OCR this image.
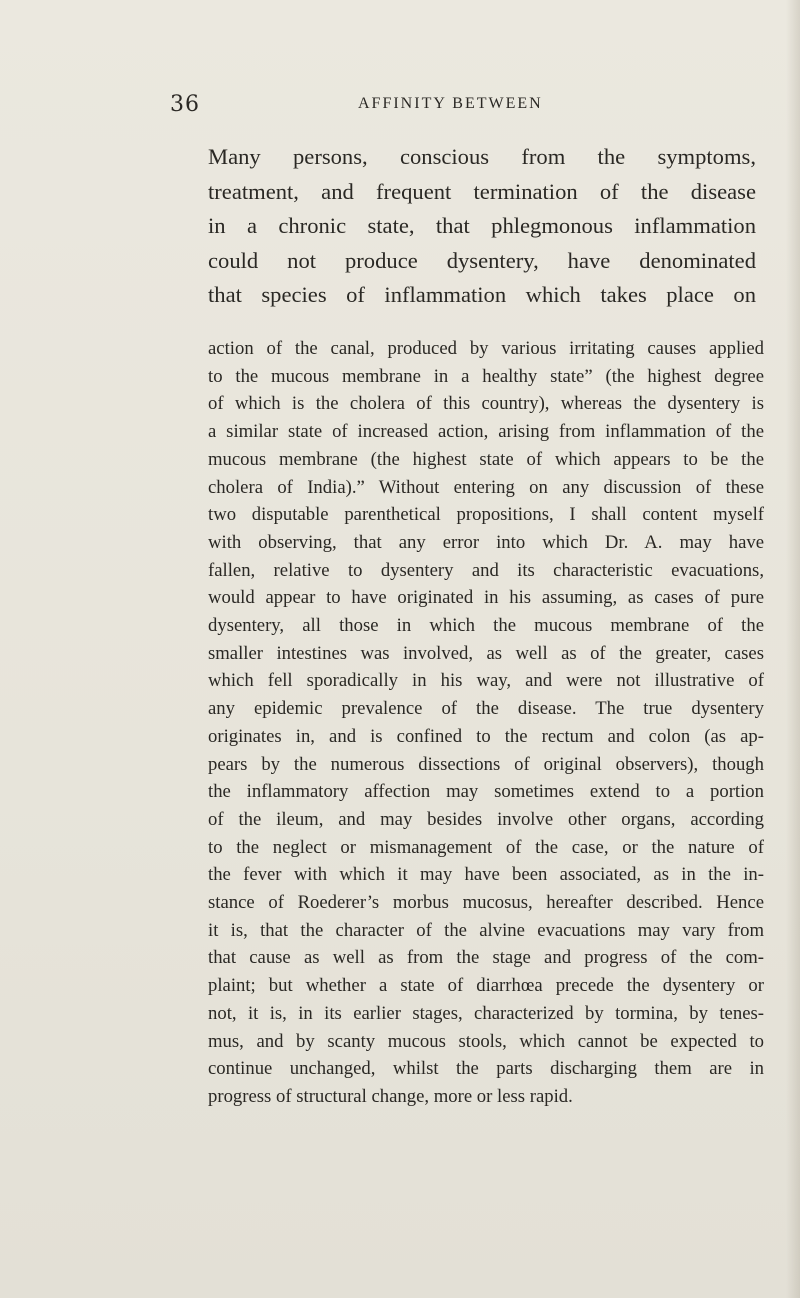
36	AFFINITY BETWEEN
Many persons, conscious from the symptoms,
treatment, and frequent termination of the disease
in a chronic state, that phlegmonous inflammation
could not produce dysentery, have denominated
that species of inflammation which takes place on
action of the canal, produced by various irritating causes applied
to the mucous membrane in a healthy state” (the highest degree
of which is the cholera of this country), whereas the dysentery is
a similar state of increased action, arising from inflammation of the
mucous membrane (the highest state of which appears to be the
cholera of India).” Without entering on any discussion of these
two disputable parenthetical propositions, I shall content myself
with observing, that any error into which Dr. A. may have
fallen, relative to dysentery and its characteristic evacuations,
would appear to have originated in his assuming, as cases of pure
dysentery, all those in which the mucous membrane of the
smaller intestines was involved, as well as of the greater, cases
which fell sporadically in his way, and were not illustrative of
any epidemic prevalence of the disease. The true dysentery
originates in, and is confined to the rectum and colon (as ap-
pears by the numerous dissections of original observers), though
the inflammatory affection may sometimes extend to a portion
of the ileum, and may besides involve other organs, according
to the neglect or mismanagement of the case, or the nature of
the fever with which it may have been associated, as in the in-
stance of Roederer’s morbus mucosus, hereafter described. Hence
it is, that the character of the alvine evacuations may vary from
that cause as well as from the stage and progress of the com-
plaint; but whether a state of diarrhœa precede the dysentery or
not, it is, in its earlier stages, characterized by tormina, by tenes-
mus, and by scanty mucous stools, which cannot be expected to
continue unchanged, whilst the parts discharging them are in
progress of structural change, more or less rapid.
